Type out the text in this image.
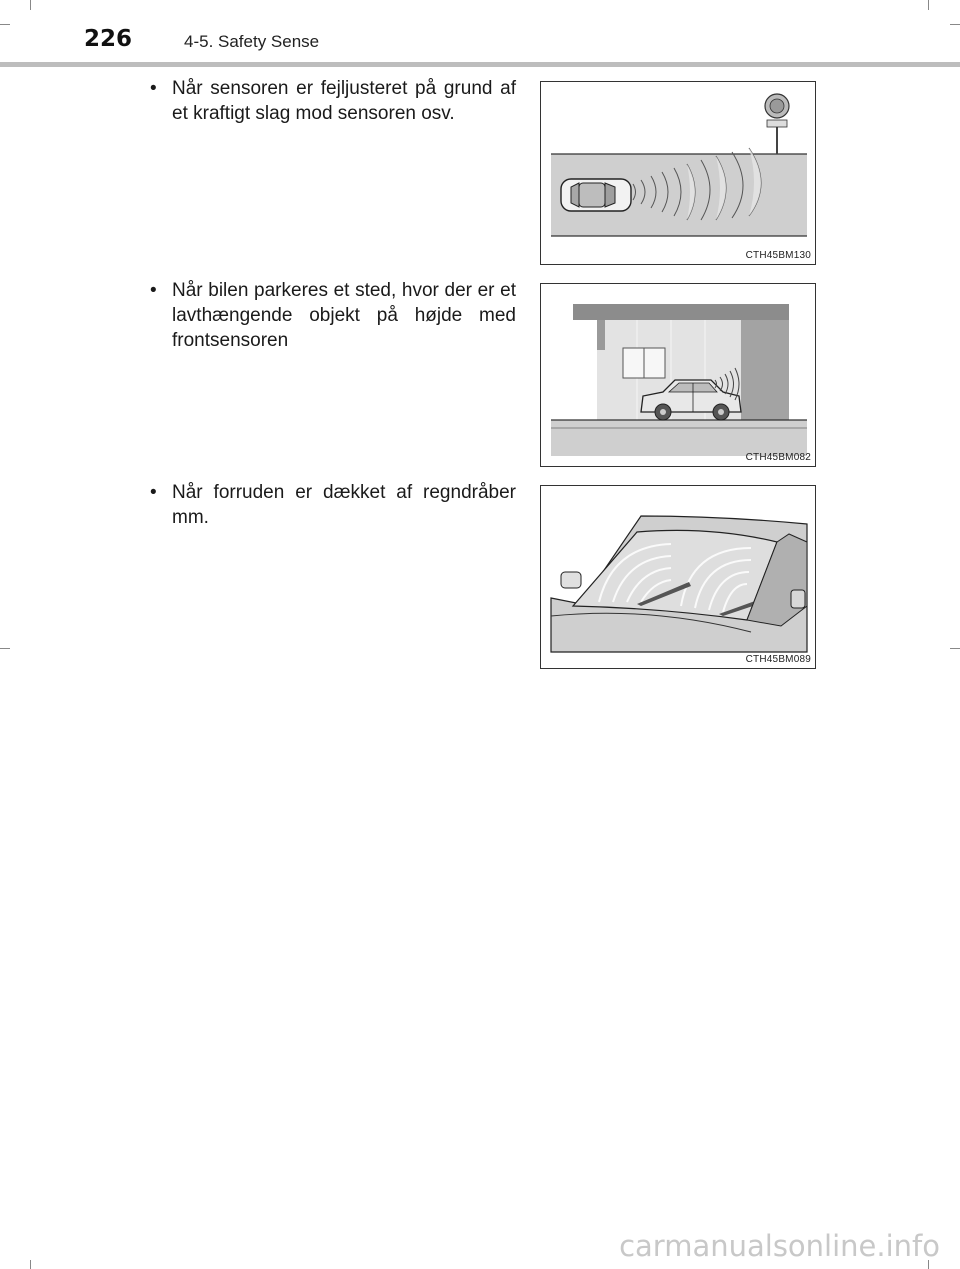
226	4-5. Safety Sense
• Når sensoren er fejljusteret på grund af et kraftigt slag mod sensoren osv.
CTH45BM130
• Når bilen parkeres et sted, hvor der er et lavthængende objekt på højde med frontsensoren
CTH45BM082
• Når forruden er dækket af regndråber mm.
CTH45BM089
carmanualsonline.info
